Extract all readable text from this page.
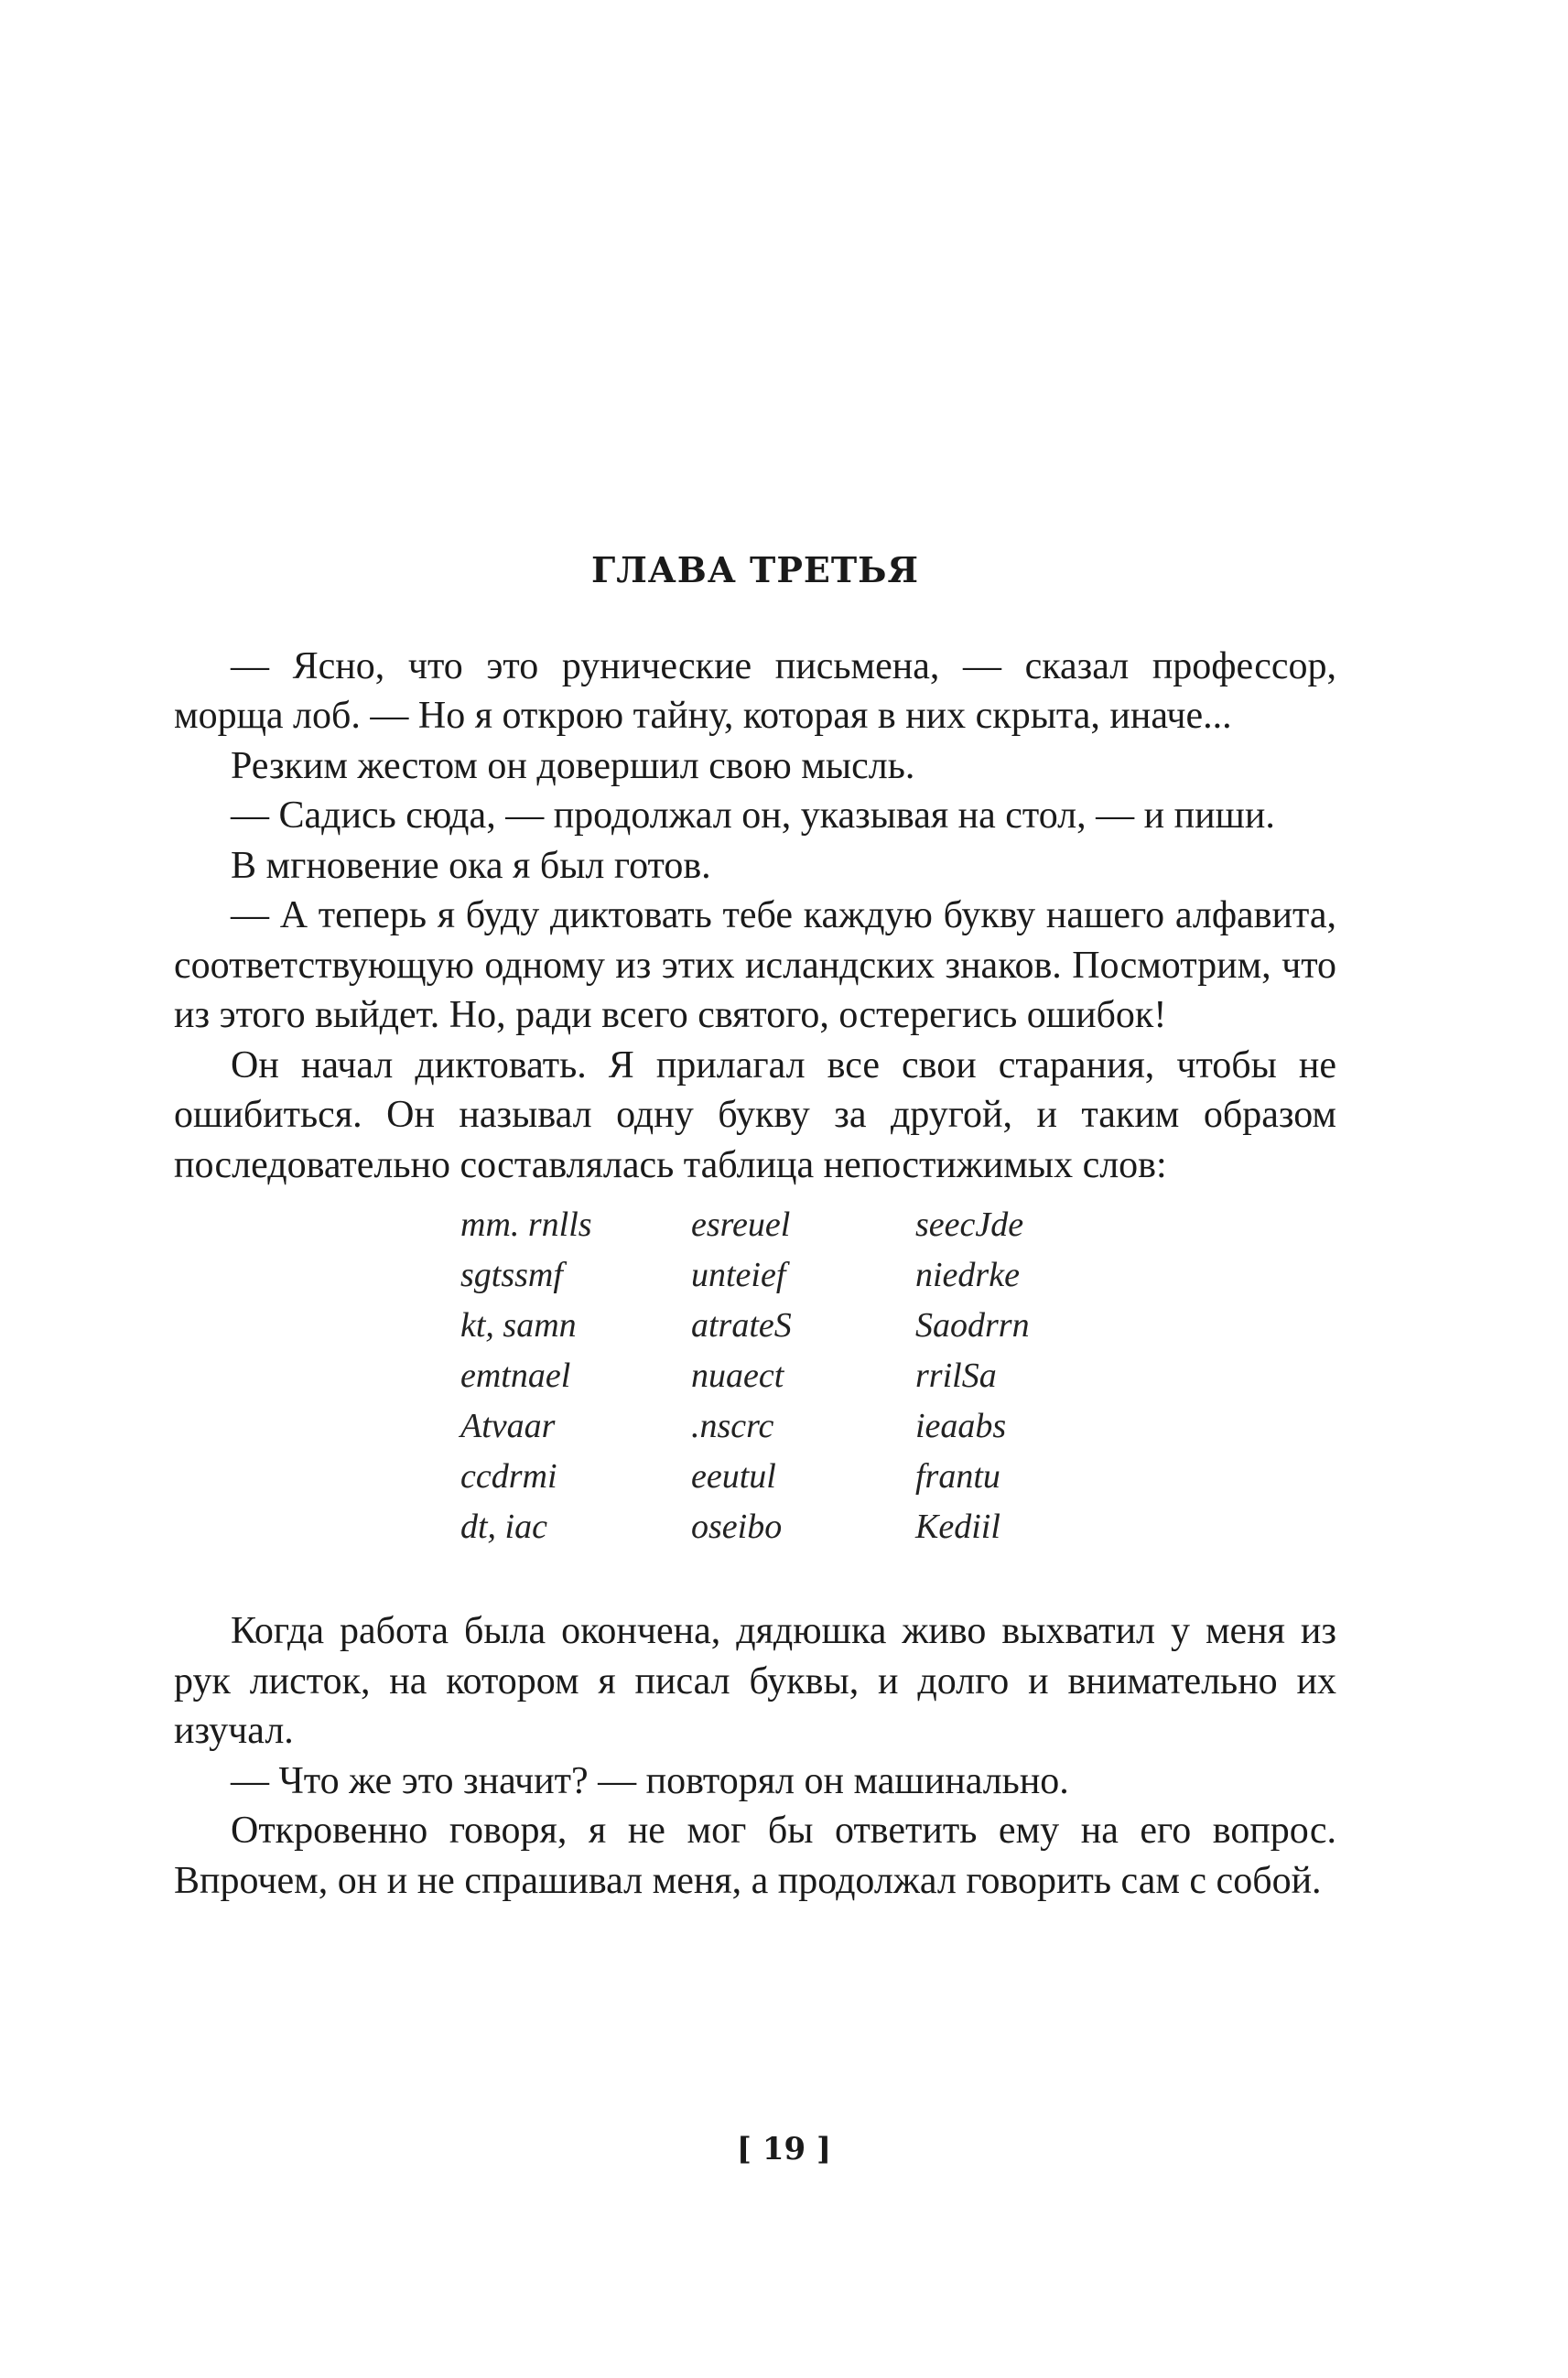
ГЛАВА ТРЕТЬЯ

— Ясно, что это рунические письмена, — сказал профессор, морща лоб. — Но я открою тайну, которая в них скрыта, иначе...

Резким жестом он довершил свою мысль.

— Садись сюда, — продолжал он, указывая на стол, — и пиши.

В мгновение ока я был готов.

— А теперь я буду диктовать тебе каждую букву нашего алфавита, соответствующую одному из этих исландских знаков. Посмотрим, что из этого выйдет. Но, ради всего святого, остерегись ошибок!

Он начал диктовать. Я прилагал все свои старания, чтобы не ошибиться. Он называл одну букву за другой, и таким образом последовательно составлялась таблица непостижимых слов:

mm. rnlls	esreuel	seecJde
sgtssmf	unteief	niedrke
kt, samn	atrateS	Saodrrn
emtnael	nuaect	rrilSa
Atvaar	.nscrc	ieaabs
ccdrmi	eeutul	frantu
dt, iac	oseibo	Kediil

Когда работа была окончена, дядюшка живо выхватил у меня из рук листок, на котором я писал буквы, и долго и внимательно их изучал.

— Что же это значит? — повторял он машинально.

Откровенно говоря, я не мог бы ответить ему на его вопрос. Впрочем, он и не спрашивал меня, а продолжал говорить сам с собой.

[ 19 ]
